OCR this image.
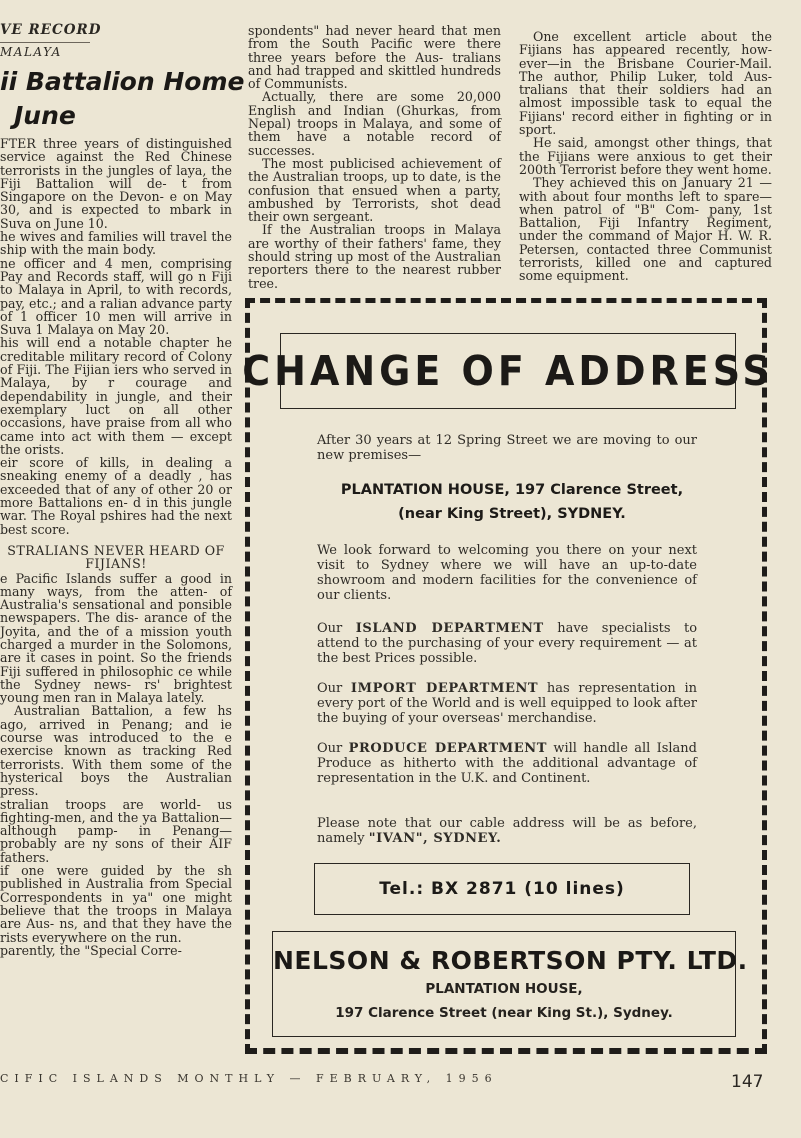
VE RECORD
MALAYA
ii Battalion Home
June

FTER three years of distinguished service against the Red Chinese terrorists in the jungles of laya, the Fiji Battalion will de- t from Singapore on the Devon- e on May 30, and is expected to mbark in Suva on June 10.

he wives and families will travel the ship with the main body.

ne officer and 4 men, comprising Pay and Records staff, will go n Fiji to Malaya in April, to with records, pay, etc.; and a ralian advance party of 1 officer 10 men will arrive in Suva 1 Malaya on May 20.

his will end a notable chapter he creditable military record of Colony of Fiji. The Fijian iers who served in Malaya, by r courage and dependability in jungle, and their exemplary luct on all other occasions, have praise from all who came into act with them — except the orists.

eir score of kills, in dealing a sneaking enemy of a deadly , has exceeded that of any of other 20 or more Battalions en- d in this jungle war. The Royal pshires had the next best score.

STRALIANS NEVER HEARD OF FIJIANS!

e Pacific Islands suffer a good in many ways, from the atten- of Australia's sensational and ponsible newspapers. The dis- arance of the Joyita, and the of a mission youth charged a murder in the Solomons, are it cases in point. So the friends Fiji suffered in philosophic ce while the Sydney news- rs' brightest young men ran in Malaya lately.

Australian Battalion, a few hs ago, arrived in Penang; and ie course was introduced to the e exercise known as tracking Red terrorists. With them some of the hysterical boys the Australian press.

stralian troops are world- us fighting-men, and the ya Battalion—although pamp- in Penang—probably are ny sons of their AIF fathers.

if one were guided by the sh published in Australia from Special Correspondents in ya" one might believe that the troops in Malaya are Aus- ns, and that they have the rists everywhere on the run.

parently, the "Special Corre-

spondents" had never heard that men from the South Pacific were there three years before the Aus- tralians and had trapped and skittled hundreds of Communists.

Actually, there are some 20,000 English and Indian (Ghurkas, from Nepal) troops in Malaya, and some of them have a notable record of successes.

The most publicised achievement of the Australian troops, up to date, is the confusion that ensued when a party, ambushed by Terrorists, shot dead their own sergeant.

If the Australian troops in Malaya are worthy of their fathers' fame, they should string up most of the Australian reporters there to the nearest rubber tree.

One excellent article about the Fijians has appeared recently, how- ever—in the Brisbane Courier-Mail. The author, Philip Luker, told Aus- tralians that their soldiers had an almost impossible task to equal the Fijians' record either in fighting or in sport.

He said, amongst other things, that the Fijians were anxious to get their 200th Terrorist before they went home.

They achieved this on January 21 —with about four months left to spare—when patrol of "B" Com- pany, 1st Battalion, Fiji Infantry Regiment, under the command of Major H. W. R. Petersen, contacted three Communist terrorists, killed one and captured some equipment.

CHANGE OF ADDRESS
After 30 years at 12 Spring Street we are moving to our new premises—
PLANTATION HOUSE, 197 Clarence Street,
(near King Street), SYDNEY.
We look forward to welcoming you there on your next visit to Sydney where we will have an up-to-date showroom and modern facilities for the convenience of our clients.
Our ISLAND DEPARTMENT have specialists to attend to the purchasing of your every requirement — at the best Prices possible.
Our IMPORT DEPARTMENT has representation in every port of the World and is well equipped to look after the buying of your overseas' merchandise.
Our PRODUCE DEPARTMENT will handle all Island Produce as hitherto with the additional advantage of representation in the U.K. and Continent.
Please note that our cable address will be as before, namely "IVAN", SYDNEY.
Tel.: BX 2871 (10 lines)
NELSON & ROBERTSON PTY. LTD.
PLANTATION HOUSE,
197 Clarence Street (near King St.), Sydney.
CIFIC ISLANDS MONTHLY — FEBRUARY, 1956	147
